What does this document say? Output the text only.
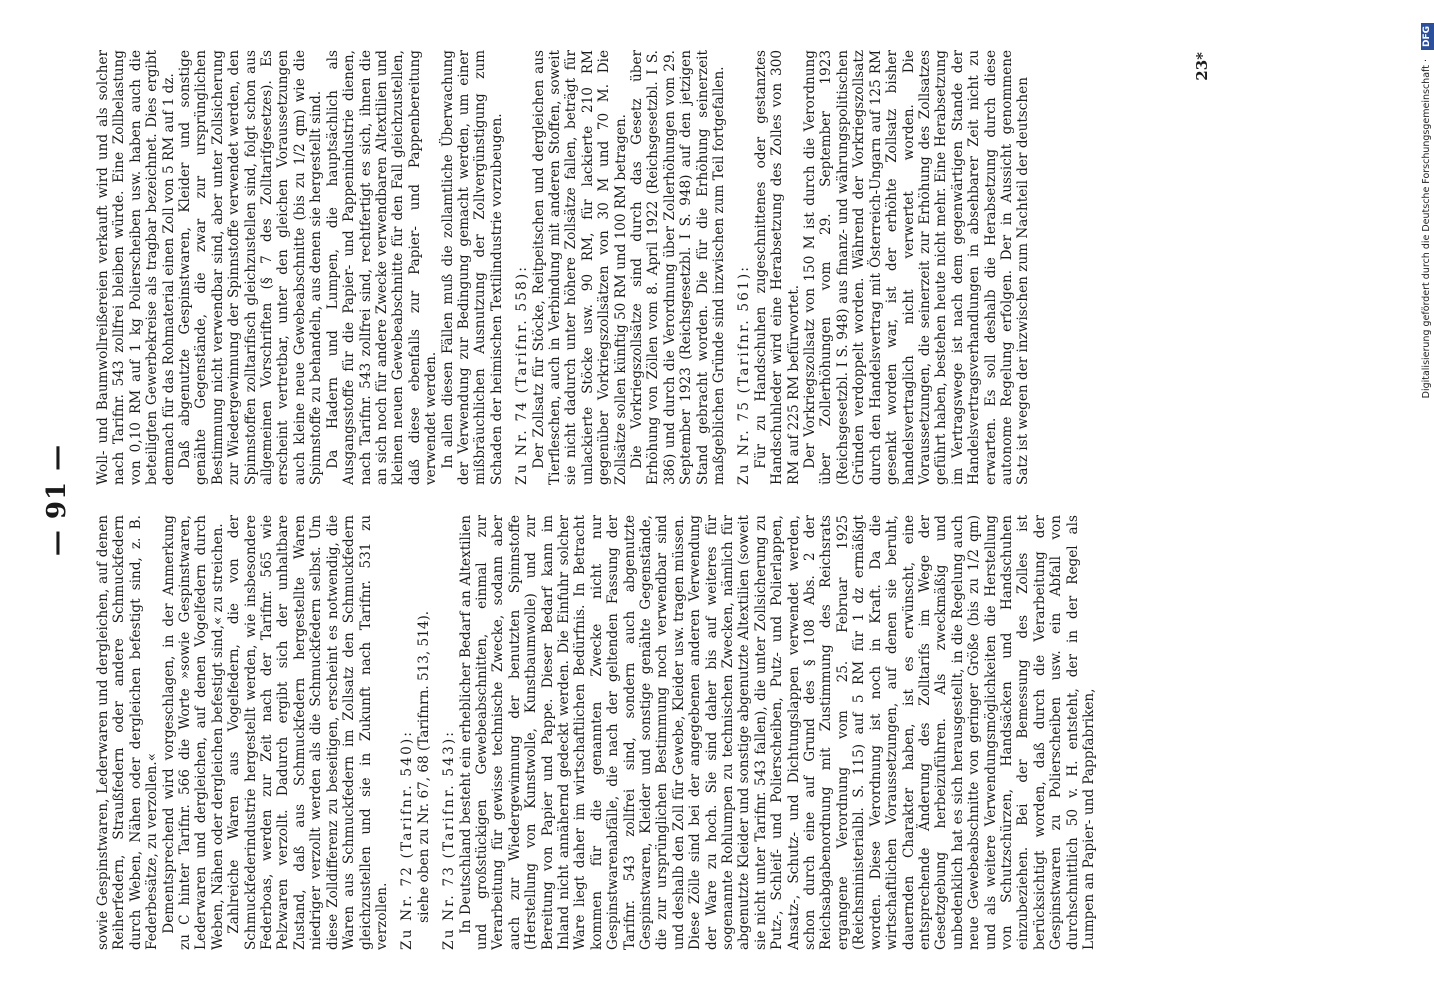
— 91 —

sowie Gespinstwaren, Lederwaren und dergleichen, auf denen Reiherfedern, Straußfedern oder andere Schmuckfedern durch Weben, Nähen oder dergleichen befestigt sind, z. B. Federbesätze, zu verzollen.« Dementsprechend wird vorgeschlagen, in der Anmerkung zu C hinter Tarifnr. 566 die Worte »sowie Gespinstwaren, Lederwaren und dergleichen, auf denen Vogelfedern durch Weben, Nähen oder dergleichen befestigt sind,« zu streichen. Zahlreiche Waren aus Vogelfedern, die von der Schmuckfederindustrie hergestellt werden, wie insbesondere Federboas, werden zur Zeit nach der Tarifnr. 565 wie Pelzwaren verzollt. Dadurch ergibt sich der unhaltbare Zustand, daß aus Schmuckfedern hergestellte Waren niedriger verzollt werden als die Schmuckfedern selbst. Um diese Zolldifferenz zu beseitigen, erscheint es notwendig, die Waren aus Schmuckfedern im Zollsatz den Schmuckfedern gleichzustellen und sie in Zukunft nach Tarifnr. 531 zu verzollen. Zu Nr. 72 (Tarifnr. 540): siehe oben zu Nr. 67, 68 (Tarifnrn. 513, 514). Zu Nr. 73 (Tarifnr. 543): In Deutschland besteht ein erheblicher Bedarf an Altextilien und großstückigen Gewebeabschnitten, einmal zur Verarbeitung für gewisse technische Zwecke, sodann aber auch zur Wiedergewinnung der benutzten Spinnstoffe (Herstellung von Kunstwolle, Kunstbaumwolle) und zur Bereitung von Papier und Pappe. Dieser Bedarf kann im Inland nicht annähernd gedeckt werden. Die Einfuhr solcher Ware liegt daher im wirtschaftlichen Bedürfnis. In Betracht kommen für die genannten Zwecke nicht nur Gespinstwarenabfälle, die nach der geltenden Fassung der Tarifnr. 543 zollfrei sind, sondern auch abgenutzte Gespinstwaren, Kleider und sonstige genähte Gegenstände, die zur ursprünglichen Bestimmung noch verwendbar sind und deshalb den Zoll für Gewebe, Kleider usw. tragen müssen. Diese Zölle sind bei der angegebenen anderen Verwendung der Ware zu hoch. Sie sind daher bis auf weiteres für sogenannte Rohlumpen zu technischen Zwecken, nämlich für abgenutzte Kleider und sonstige abgenutzte Altextilien (soweit sie nicht unter Tarifnr. 543 fallen), die unter Zollsicherung zu Putz-, Schleif- und Polierscheiben, Putz- und Polierlappen, Ansatz-, Schutz- und Dichtungslappen verwendet werden, schon durch eine auf Grund des § 108 Abs. 2 der Reichsabgabenordnung mit Zustimmung des Reichsrats ergangene Verordnung vom 25. Februar 1925 (Reichsministerialbl. S. 115) auf 5 RM für 1 dz ermäßigt worden. Diese Verordnung ist noch in Kraft. Da die wirtschaftlichen Voraussetzungen, auf denen sie beruht, dauernden Charakter haben, ist es erwünscht, eine entsprechende Änderung des Zolltarifs im Wege der Gesetzgebung herbeizuführen. Als zweckmäßig und unbedenklich hat es sich herausgestellt, in die Regelung auch neue Gewebeabschnitte von geringer Größe (bis zu 1/2 qm) und als weitere Verwendungsmöglichkeiten die Herstellung von Schutzschürzen, Handsäcken und Handschuhen einzubeziehen. Bei der Bemessung des Zolles ist berücksichtigt worden, daß durch die Verarbeitung der Gespinstwaren zu Polierscheiben usw. ein Abfall von durchschnittlich 50 v. H. entsteht, der in der Regel als Lumpen an Papier- und Pappfabriken,

Woll- und Baumwollreißereien verkauft wird und als solcher nach Tarifnr. 543 zollfrei bleiben würde. Eine Zollbelastung von 0,10 RM auf 1 kg Polierscheiben usw. haben auch die beteiligten Gewerbekreise als tragbar bezeichnet. Dies ergibt demnach für das Rohmaterial einen Zoll von 5 RM auf 1 dz. Daß abgenutzte Gespinstwaren, Kleider und sonstige genähte Gegenstände, die zwar zur ursprünglichen Bestimmung nicht verwendbar sind, aber unter Zollsicherung zur Wiedergewinnung der Spinnstoffe verwendet werden, den Spinnstoffen zolltarifisch gleichzustellen sind, folgt schon aus allgemeinen Vorschriften (§ 7 des Zolltarifgesetzes). Es erscheint vertretbar, unter den gleichen Voraussetzungen auch kleine neue Gewebeabschnitte (bis zu 1/2 qm) wie die Spinnstoffe zu behandeln, aus denen sie hergestellt sind. Da Hadern und Lumpen, die hauptsächlich als Ausgangsstoffe für die Papier- und Pappenindustrie dienen, nach Tarifnr. 543 zollfrei sind, rechtfertigt es sich, ihnen die an sich noch für andere Zwecke verwendbaren Altextilien und kleinen neuen Gewebeabschnitte für den Fall gleichzustellen, daß diese ebenfalls zur Papier- und Pappenbereitung verwendet werden. In allen diesen Fällen muß die zollamtliche Überwachung der Verwendung zur Bedingung gemacht werden, um einer mißbräuchlichen Ausnutzung der Zollvergünstigung zum Schaden der heimischen Textilindustrie vorzubeugen. Zu Nr. 74 (Tarifnr. 558): Der Zollsatz für Stöcke, Reitpeitschen und dergleichen aus Tierfleschen, auch in Verbindung mit anderen Stoffen, soweit sie nicht dadurch unter höhere Zollsätze fallen, beträgt für unlackierte Stöcke usw. 90 RM, für lackierte 210 RM gegenüber Vorkriegszollsätzen von 30 M und 70 M. Die Zollsätze sollen künftig 50 RM und 100 RM betragen. Die Vorkriegszollsätze sind durch das Gesetz über Erhöhung von Zöllen vom 8. April 1922 (Reichsgesetzbl. I S. 386) und durch die Verordnung über Zollerhöhungen vom 29. September 1923 (Reichsgesetzbl. I S. 948) auf den jetzigen Stand gebracht worden. Die für die Erhöhung seinerzeit maßgeblichen Gründe sind inzwischen zum Teil fortgefallen. Zu Nr. 75 (Tarifnr. 561): Für zu Handschuhen zugeschnittenes oder gestanztes Handschuhleder wird eine Herabsetzung des Zolles von 300 RM auf 225 RM befürwortet. Der Vorkriegszollsatz von 150 M ist durch die Verordnung über Zollerhöhungen vom 29. September 1923 (Reichsgesetzbl. I S. 948) aus finanz- und währungspolitischen Gründen verdoppelt worden. Während der Vorkriegszollsatz durch den Handelsvertrag mit Österreich-Ungarn auf 125 RM gesenkt worden war, ist der erhöhte Zollsatz bisher handelsvertraglich nicht verwertet worden. Die Voraussetzungen, die seinerzeit zur Erhöhung des Zollsatzes geführt haben, bestehen heute nicht mehr. Eine Herabsetzung im Vertragswege ist nach dem gegenwärtigen Stande der Handelsvertragsverhandlungen in absehbarer Zeit nicht zu erwarten. Es soll deshalb die Herabsetzung durch diese autonome Regelung erfolgen. Der in Aussicht genommene Satz ist wegen der inzwischen zum Nachteil der deutschen

23*	Digitalisierung gefördert durch die Deutsche Forschungsgemeinschaft · DFG
